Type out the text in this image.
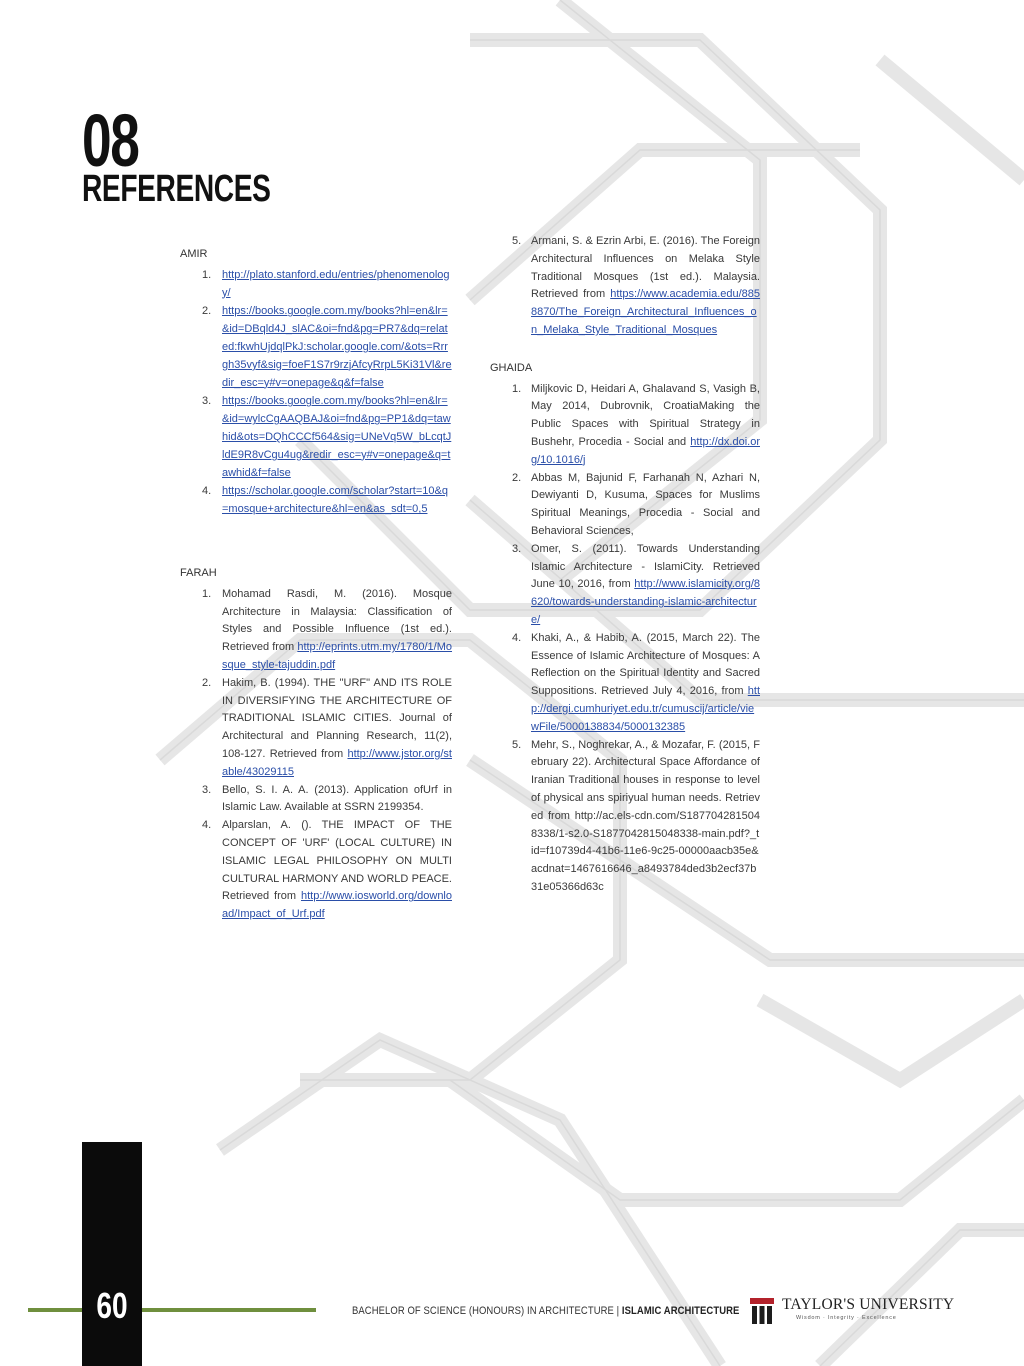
08
REFERENCES
AMIR
1. http://plato.stanford.edu/entries/phenomenology/
2. https://books.google.com.my/books?hl=en&lr=&id=DBqld4J_slAC&oi=fnd&pg=PR7&dq=related:fkwhUjdqlPkJ:scholar.google.com/&ots=Rrrgh35vyf&sig=foeF1S7r9rzjAfcyRrpL5Ki31Vl&redir_esc=y#v=onepage&q&f=false
3. https://books.google.com.my/books?hl=en&lr=&id=wylcCgAAQBAJ&oi=fnd&pg=PP1&dq=tawhid&ots=DQhCCCf564&sig=UNeVq5W_bLcqtJldE9R8vCgu4ug&redir_esc=y#v=onepage&q=tawhid&f=false
4. https://scholar.google.com/scholar?start=10&q=mosque+architecture&hl=en&as_sdt=0,5
FARAH
1. Mohamad Rasdi, M. (2016). Mosque Architecture in Malaysia: Classification of Styles and Possible Influence (1st ed.). Retrieved from http://eprints.utm.my/1780/1/Mosque_style-tajuddin.pdf
2. Hakim, B. (1994). THE "URF" AND ITS ROLE IN DIVERSIFYING THE ARCHITECTURE OF TRADITIONAL ISLAMIC CITIES. Journal of Architectural and Planning Research, 11(2), 108-127. Retrieved from http://www.jstor.org/stable/43029115
3. Bello, S. I. A. A. (2013). Application ofUrf in Islamic Law. Available at SSRN 2199354.
4. Alparslan, A. (). THE IMPACT OF THE CONCEPT OF 'URF' (LOCAL CULTURE) IN ISLAMIC LEGAL PHILOSOPHY ON MULTI CULTURAL HARMONY AND WORLD PEACE. Retrieved from http://www.iosworld.org/download/Impact_of_Urf.pdf
5. Armani, S. & Ezrin Arbi, E. (2016). The Foreign Architectural Influences on Melaka Style Traditional Mosques (1st ed.). Malaysia. Retrieved from https://www.academia.edu/8858870/The_Foreign_Architectural_Influences_on_Melaka_Style_Traditional_Mosques
GHAIDA
1. Miljkovic D, Heidari A, Ghalavand S, Vasigh B, May 2014, Dubrovnik, CroatiaMaking the Public Spaces with Spiritual Strategy in Bushehr, Procedia - Social and http://dx.doi.org/10.1016/j
2. Abbas M, Bajunid F, Farhanah N, Azhari N, Dewiyanti D, Kusuma, Spaces for Muslims Spiritual Meanings, Procedia - Social and Behavioral Sciences,
3. Omer, S. (2011). Towards Understanding Islamic Architecture - IslamiCity. Retrieved June 10, 2016, from http://www.islamicity.org/8620/towards-understanding-islamic-architecture/
4. Khaki, A., & Habib, A. (2015, March 22). The Essence of Islamic Architecture of Mosques: A Reflection on the Spiritual Identity and Sacred Suppositions. Retrieved July 4, 2016, from http://dergi.cumhuriyet.edu.tr/cumuscij/article/viewFile/5000138834/5000132385
5. Mehr, S., Noghrekar, A., & Mozafar, F. (2015, February 22). Architectural Space Affordance of Iranian Traditional houses in response to level of physical ans spiriyual human needs. Retrieved from http://ac.els-cdn.com/S1877042815048338/1-s2.0-S1877042815048338-main.pdf?_tid=f10739d4-41b6-11e6-9c25-00000aacb35e&acdnat=1467616646_a8493784ded3b2ecf37b31e05366d63c
60	BACHELOR OF SCIENCE (HONOURS) IN ARCHITECTURE | ISLAMIC ARCHITECTURE	TAYLOR'S UNIVERSITY
Wisdom · Integrity · Excellence
